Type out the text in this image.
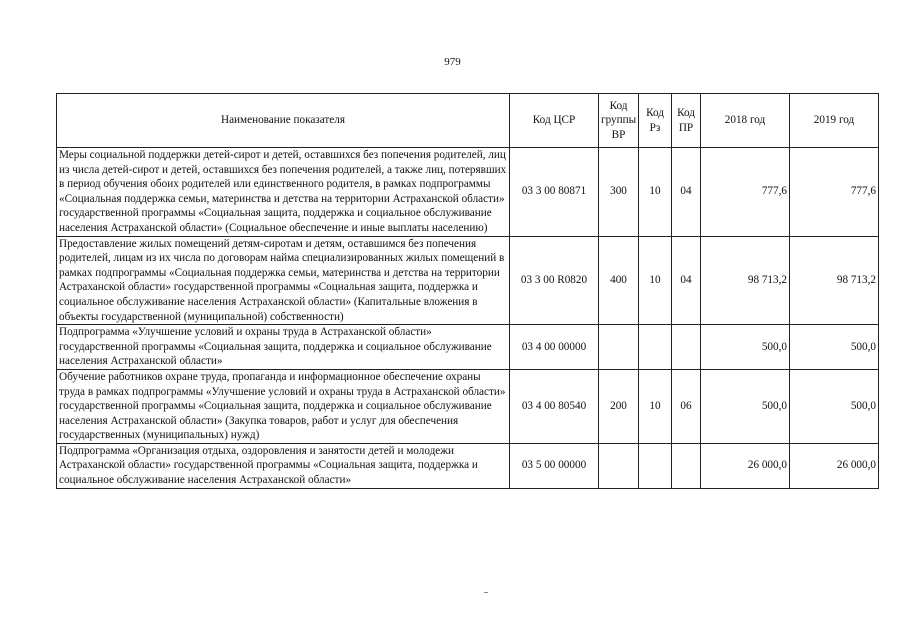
979
Наименование показателя	Код ЦСР	Код группы ВР	Код Рз	Код ПР	2018 год	2019 год
Меры социальной поддержки детей-сирот и детей, оставшихся без попечения родителей, лиц из числа детей-сирот и детей, оставшихся без попечения родителей, а также лиц, потерявших в период обучения обоих родителей или единственного родителя, в рамках подпрограммы «Социальная поддержка семьи, материнства и детства на территории Астраханской области» государственной программы «Социальная защита, поддержка и социальное обслуживание населения Астраханской области» (Социальное обеспечение и иные выплаты населению)	03 3 00 80871	300	10	04	777,6	777,6
Предоставление жилых помещений детям-сиротам и детям, оставшимся без попечения родителей, лицам из их числа по договорам найма специализированных жилых помещений в рамках подпрограммы «Социальная поддержка семьи, материнства и детства на территории Астраханской области» государственной программы «Социальная защита, поддержка и социальное обслуживание населения Астраханской области» (Капитальные вложения в объекты государственной (муниципальной) собственности)	03 3 00 R0820	400	10	04	98 713,2	98 713,2
Подпрограмма «Улучшение условий и охраны труда в Астраханской области» государственной программы «Социальная защита, поддержка и социальное обслуживание населения Астраханской области»	03 4 00 00000				500,0	500,0
Обучение работников охране труда, пропаганда и информационное обеспечение охраны труда в рамках подпрограммы «Улучшение условий и охраны труда в Астраханской области» государственной программы «Социальная защита, поддержка и социальное обслуживание населения Астраханской области» (Закупка товаров, работ и услуг для обеспечения государственных (муниципальных) нужд)	03 4 00 80540	200	10	06	500,0	500,0
Подпрограмма «Организация отдыха, оздоровления и занятости детей и молодежи Астраханской области» государственной программы «Социальная защита, поддержка и социальное обслуживание населения Астраханской области»	03 5 00 00000				26 000,0	26 000,0
